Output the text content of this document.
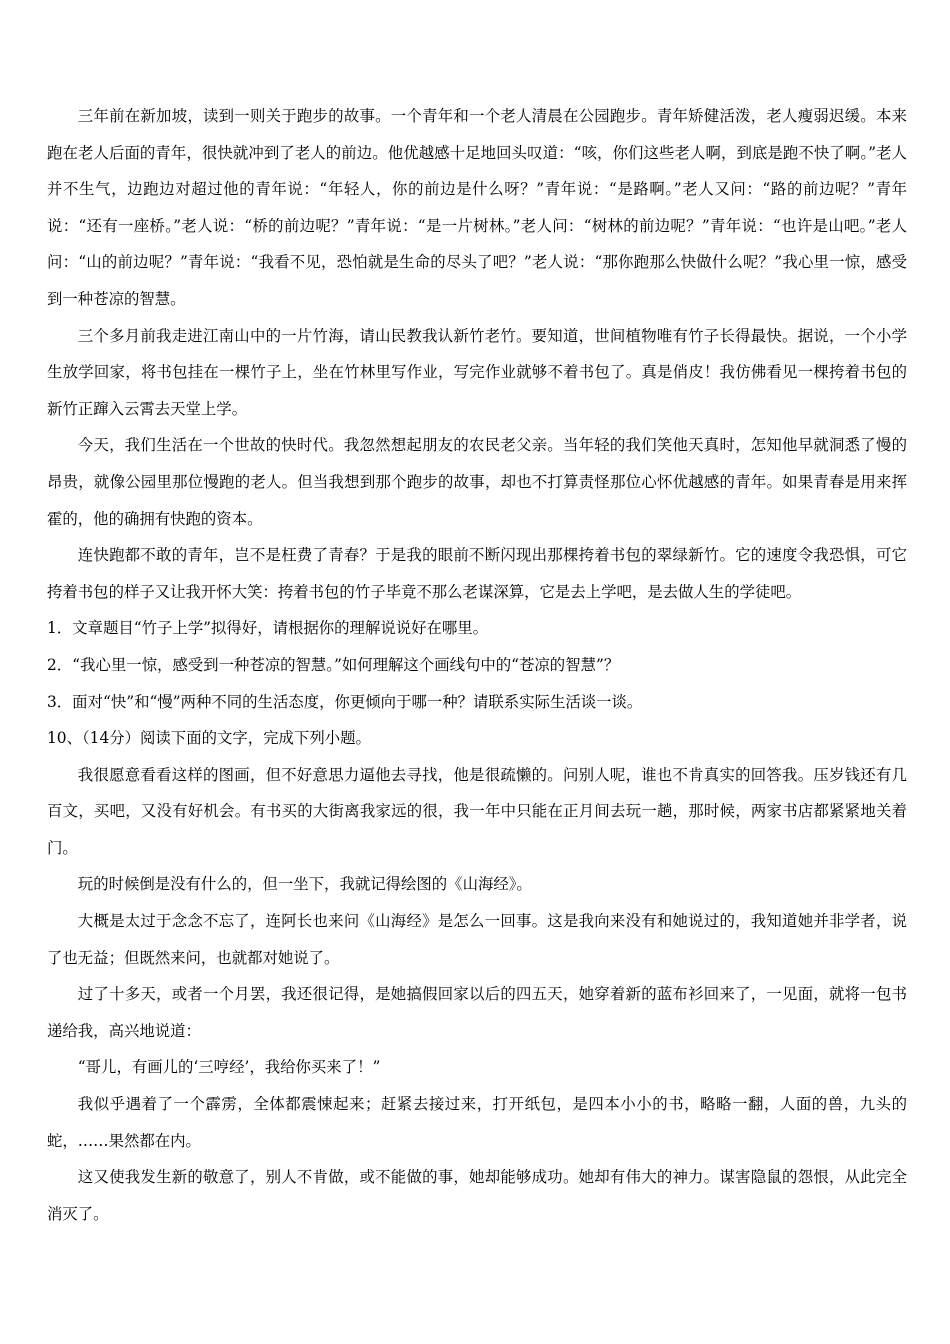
三年前在新加坡，读到一则关于跑步的故事。一个青年和一个老人清晨在公园跑步。青年矫健活泼，老人瘦弱迟缓。本来跑在老人后面的青年，很快就冲到了老人的前边。他优越感十足地回头叹道：“咳，你们这些老人啊，到底是跑不快了啊。”老人并不生气，边跑边对超过他的青年说：“年轻人，你的前边是什么呀？”青年说：“是路啊。”老人又问：“路的前边呢？”青年说：“还有一座桥。”老人说：“桥的前边呢？”青年说：“是一片树林。”老人问：“树林的前边呢？”青年说：“也许是山吧。”老人问：“山的前边呢？”青年说：“我看不见，恐怕就是生命的尽头了吧？”老人说：“那你跑那么快做什么呢？”我心里一惊，感受到一种苍凉的智慧。

三个多月前我走进江南山中的一片竹海，请山民教我认新竹老竹。要知道，世间植物唯有竹子长得最快。据说，一个小学生放学回家，将书包挂在一棵竹子上，坐在竹林里写作业，写完作业就够不着书包了。真是俏皮！我仿佛看见一棵挎着书包的新竹正蹿入云霄去天堂上学。

今天，我们生活在一个世故的快时代。我忽然想起朋友的农民老父亲。当年轻的我们笑他天真时，怎知他早就洞悉了慢的昂贵，就像公园里那位慢跑的老人。但当我想到那个跑步的故事，却也不打算责怪那位心怀优越感的青年。如果青春是用来挥霍的，他的确拥有快跑的资本。

连快跑都不敢的青年，岂不是枉费了青春？于是我的眼前不断闪现出那棵挎着书包的翠绿新竹。它的速度令我恐惧，可它挎着书包的样子又让我开怀大笑：挎着书包的竹子毕竟不那么老谋深算，它是去上学吧，是去做人生的学徒吧。

1．文章题目“竹子上学”拟得好，请根据你的理解说说好在哪里。

2．“我心里一惊，感受到一种苍凉的智慧。”如何理解这个画线句中的“苍凉的智慧”？

3．面对“快”和“慢”两种不同的生活态度，你更倾向于哪一种？请联系实际生活谈一谈。

10、（14分）阅读下面的文字，完成下列小题。

我很愿意看看这样的图画，但不好意思力逼他去寻找，他是很疏懒的。问别人呢，谁也不肯真实的回答我。压岁钱还有几百文，买吧，又没有好机会。有书买的大街离我家远的很，我一年中只能在正月间去玩一趟，那时候，两家书店都紧紧地关着门。

玩的时候倒是没有什么的，但一坐下，我就记得绘图的《山海经》。

大概是太过于念念不忘了，连阿长也来问《山海经》是怎么一回事。这是我向来没有和她说过的，我知道她并非学者，说了也无益；但既然来问，也就都对她说了。

过了十多天，或者一个月罢，我还很记得，是她搞假回家以后的四五天，她穿着新的蓝布衫回来了，一见面，就将一包书递给我，高兴地说道：

“哥儿，有画儿的‘三哼经’，我给你买来了！”

我似乎遇着了一个霹雳，全体都震悚起来；赶紧去接过来，打开纸包，是四本小小的书，略略一翻，人面的兽，九头的蛇，……果然都在内。

这又使我发生新的敬意了，别人不肯做，或不能做的事，她却能够成功。她却有伟大的神力。谋害隐鼠的怨恨，从此完全消灭了。
